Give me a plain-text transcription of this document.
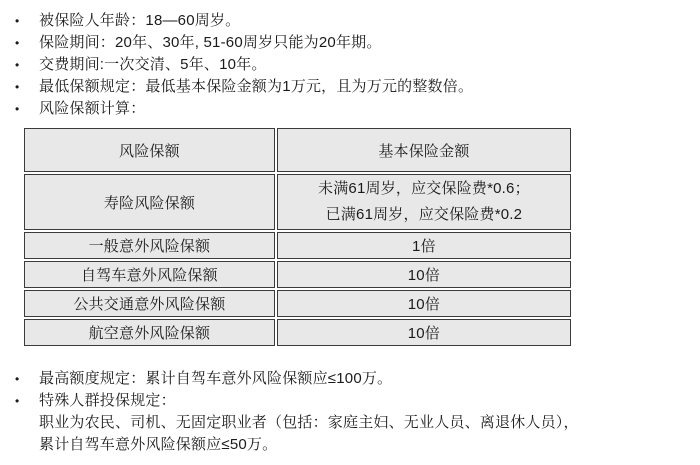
•	被保险人年龄：18—60周岁。
•	保险期间：20年、30年, 51-60周岁只能为20年期。
•	交费期间:一次交清、5年、10年。
•	最低保额规定：最低基本保险金额为1万元，且为万元的整数倍。
•	风险保额计算：
风险保额	基本保险金额
寿险风险保额	未满61周岁，应交保险费*0.6；
已满61周岁，应交保险费*0.2

一般意外风险保额	1倍
自驾车意外风险保额	10倍
公共交通意外风险保额	10倍
航空意外风险保额	10倍
•	最高额度规定：累计自驾车意外风险保额应≤100万。
•	特殊人群投保规定：
职业为农民、司机、无固定职业者（包括：家庭主妇、无业人员、离退休人员），
累计自驾车意外风险保额应≤50万。
